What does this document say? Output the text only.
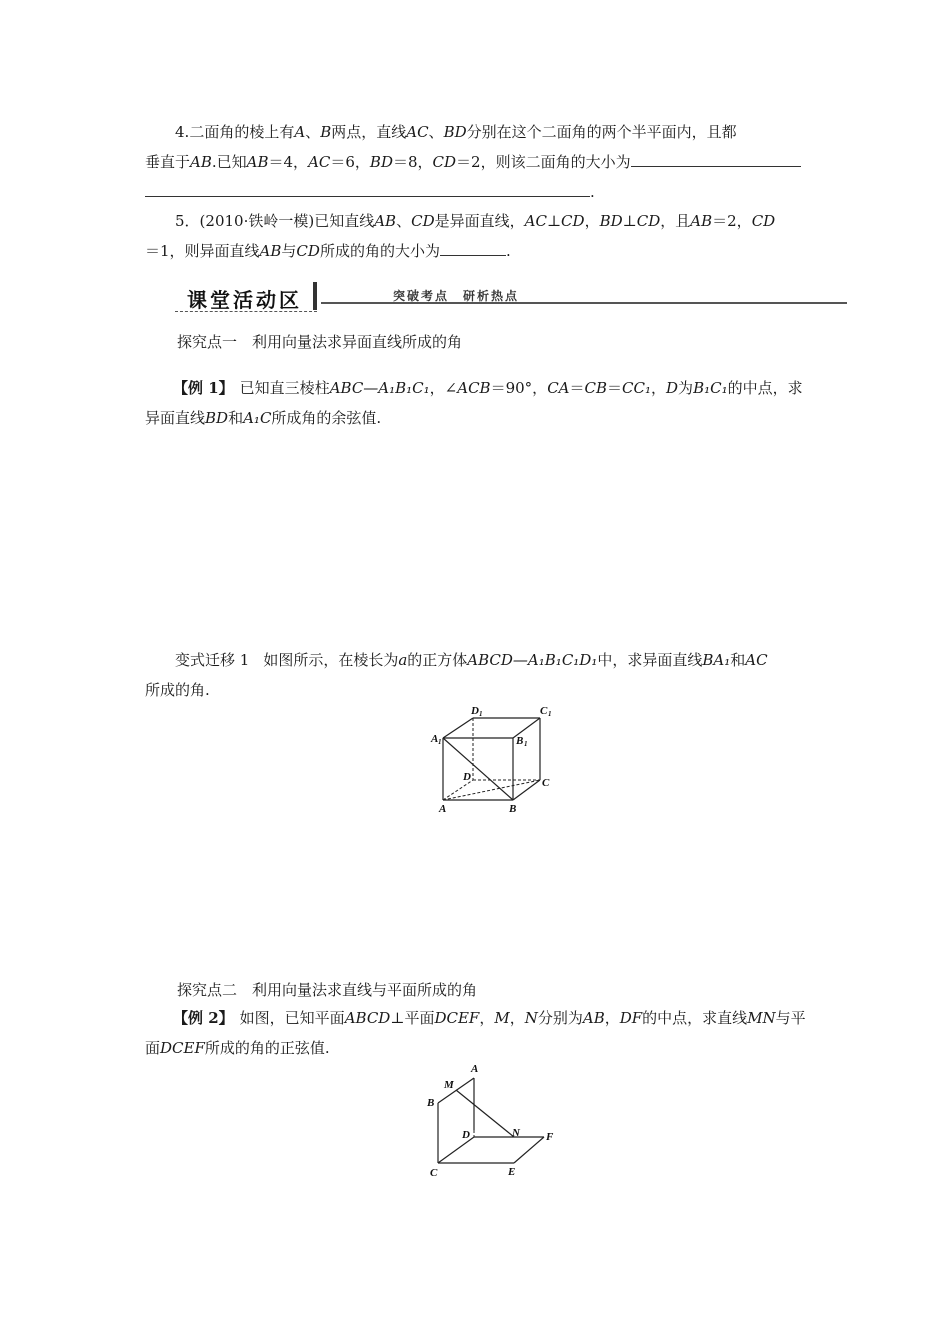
4.二面角的棱上有A、B两点，直线AC、BD分别在这个二面角的两个半平面内，且都
垂直于AB.已知AB＝4，AC＝6，BD＝8，CD＝2，则该二面角的大小为
.
5．(2010·铁岭一模)已知直线AB、CD是异面直线，AC⊥CD，BD⊥CD，且AB＝2，CD
＝1，则异面直线AB与CD所成的角的大小为	.
课堂活动区	突破考点　研析热点
探究点一　利用向量法求异面直线所成的角
【例 1】 已知直三棱柱ABC—A₁B₁C₁，∠ACB＝90°，CA＝CB＝CC₁，D为B₁C₁的中点，求
异面直线BD和A₁C所成角的余弦值.
变式迁移 1 如图所示，在棱长为a的正方体ABCD—A₁B₁C₁D₁中，求异面直线BA₁和AC
所成的角.
D 1	C 1
A 1	B 1
D	C
A	B
探究点二　利用向量法求直线与平面所成的角
【例 2】 如图，已知平面ABCD⊥平面DCEF，M，N分别为AB，DF的中点，求直线MN与平
面DCEF所成的角的正弦值.
A
M
B
D	N F
C	E
